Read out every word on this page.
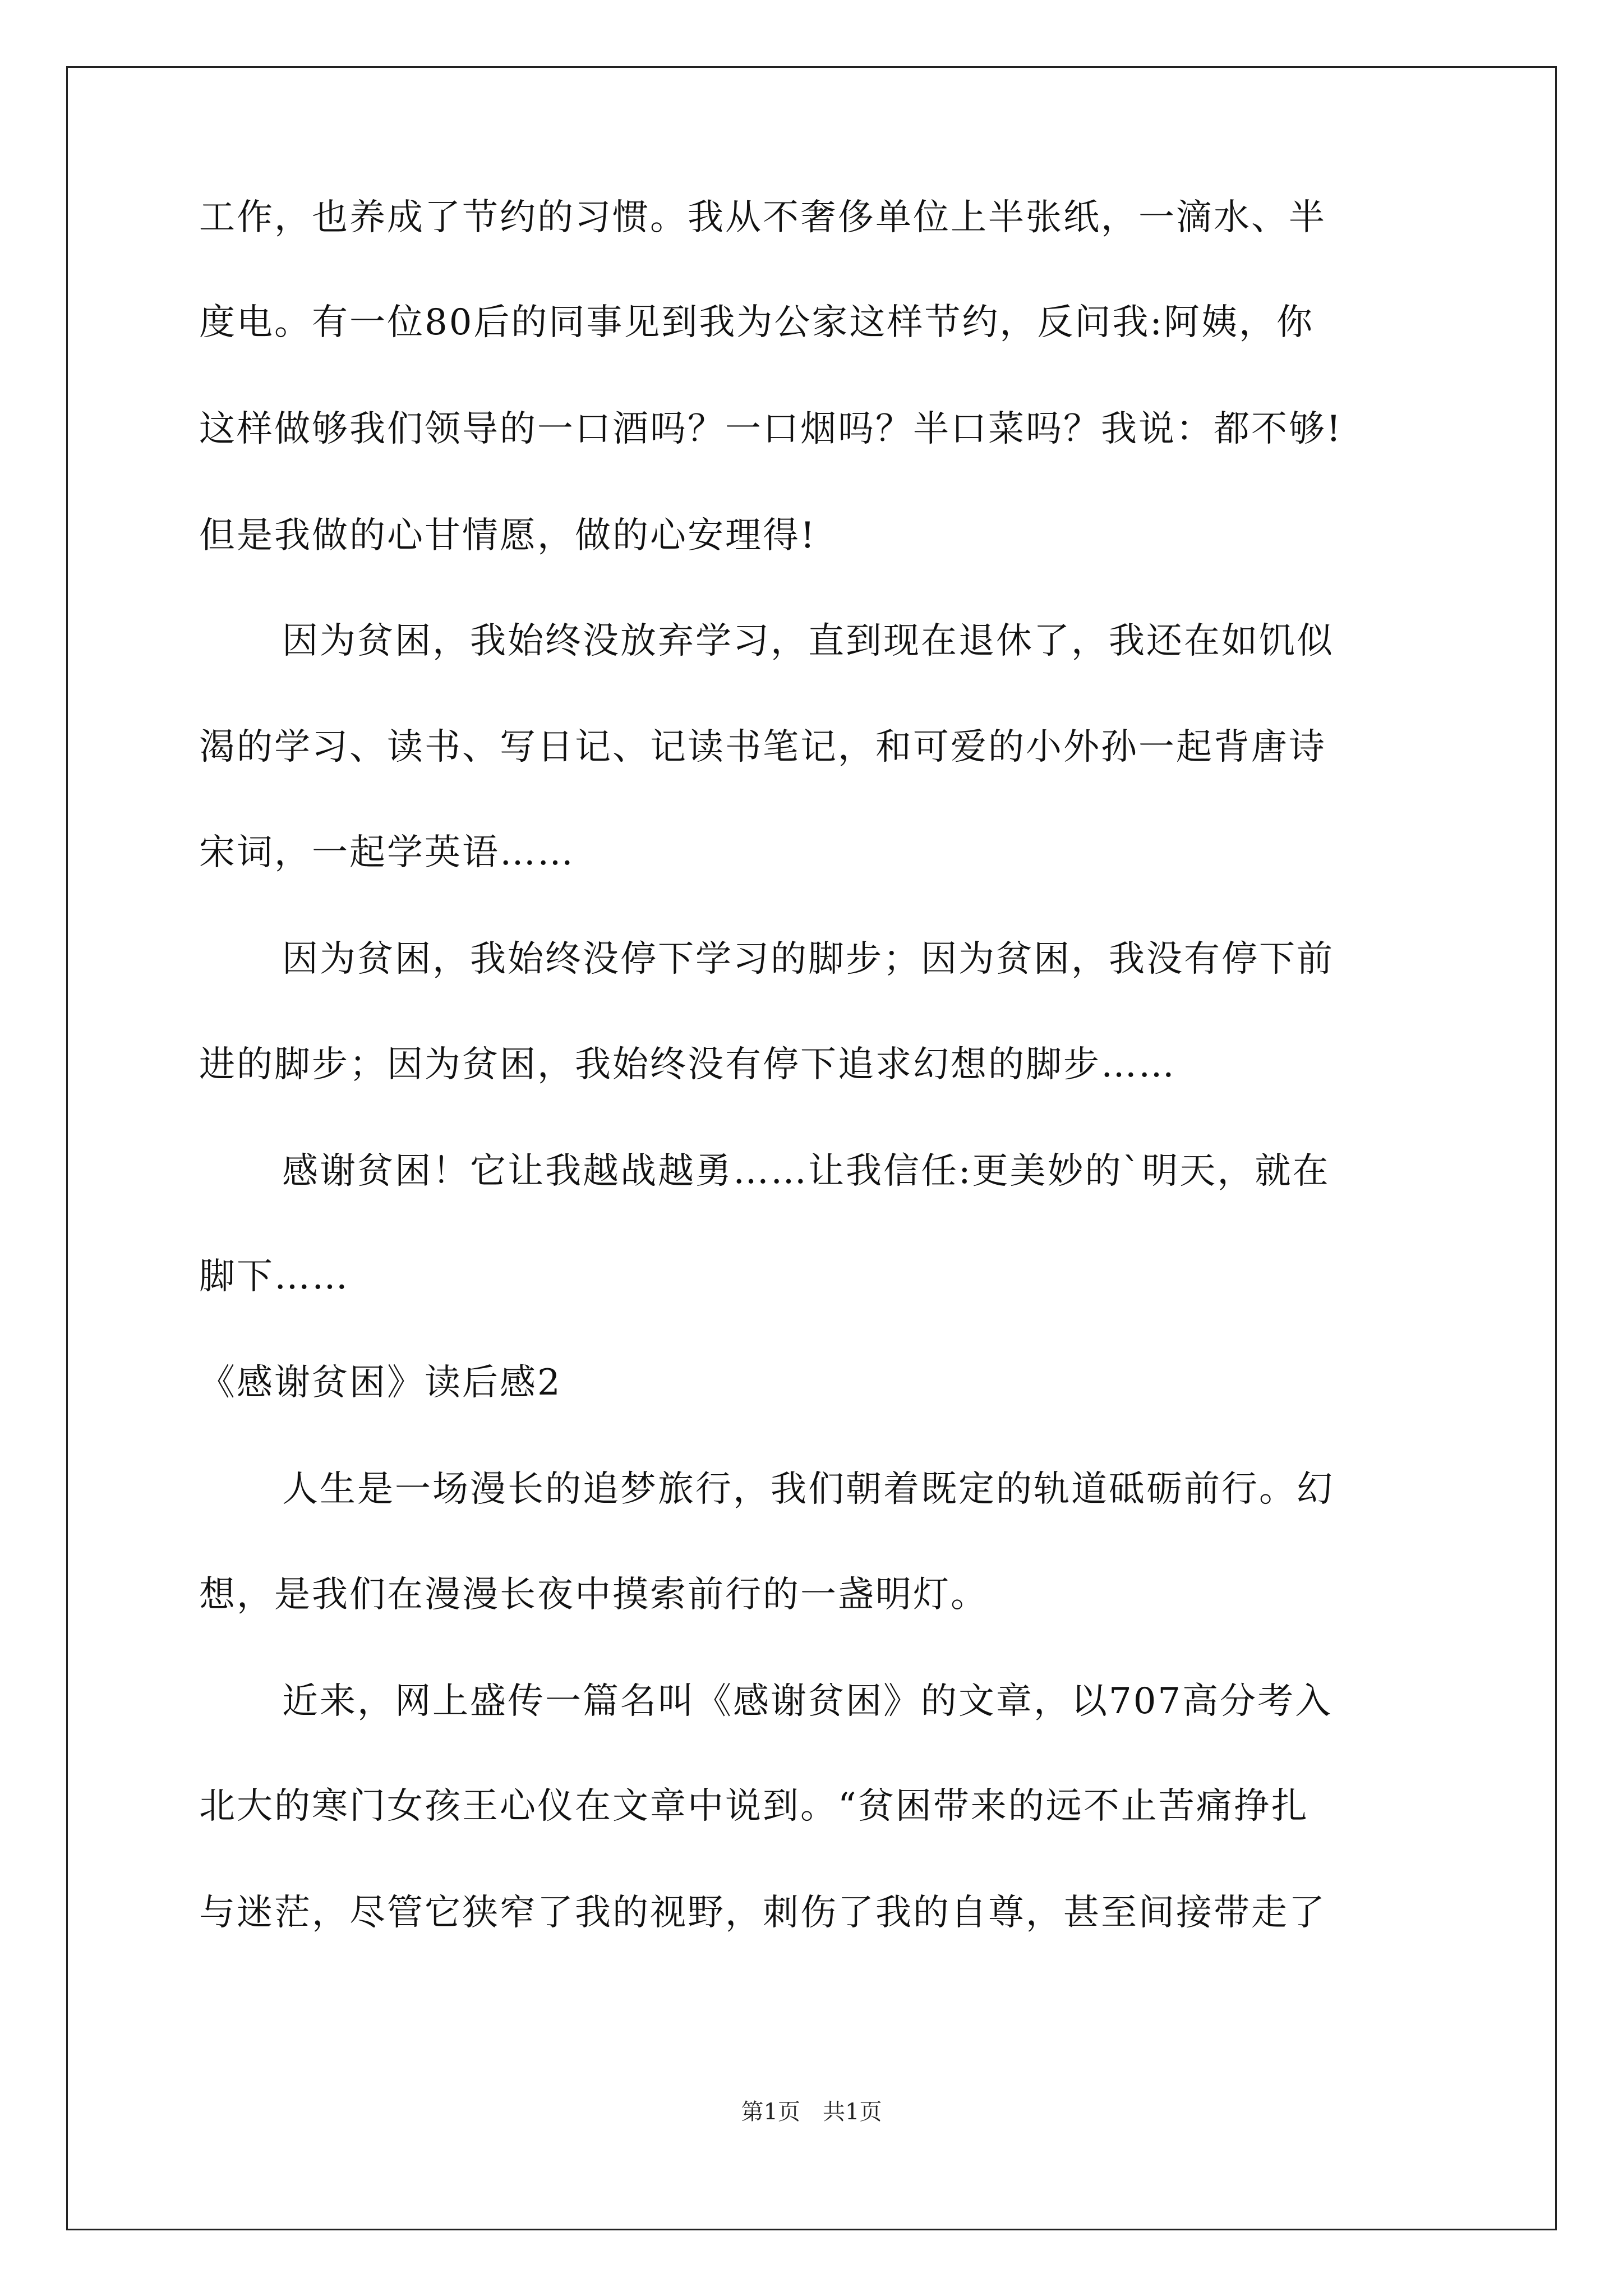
工作，也养成了节约的习惯。我从不奢侈单位上半张纸，一滴水、半
度电。有一位80后的同事见到我为公家这样节约，反问我:阿姨，你
这样做够我们领导的一口酒吗？一口烟吗？半口菜吗？我说：都不够!
但是我做的心甘情愿，做的心安理得!
因为贫困，我始终没放弃学习，直到现在退休了，我还在如饥似
渴的学习、读书、写日记、记读书笔记，和可爱的小外孙一起背唐诗
宋词，一起学英语……
因为贫困，我始终没停下学习的脚步；因为贫困，我没有停下前
进的脚步；因为贫困，我始终没有停下追求幻想的脚步……
感谢贫困！它让我越战越勇……让我信任:更美妙的`明天，就在
脚下……
《感谢贫困》读后感2
人生是一场漫长的追梦旅行，我们朝着既定的轨道砥砺前行。幻
想，是我们在漫漫长夜中摸索前行的一盏明灯。
近来，网上盛传一篇名叫《感谢贫困》的文章，以707高分考入
北大的寒门女孩王心仪在文章中说到。“贫困带来的远不止苦痛挣扎
与迷茫，尽管它狭窄了我的视野，刺伤了我的自尊，甚至间接带走了
第1页　共1页
